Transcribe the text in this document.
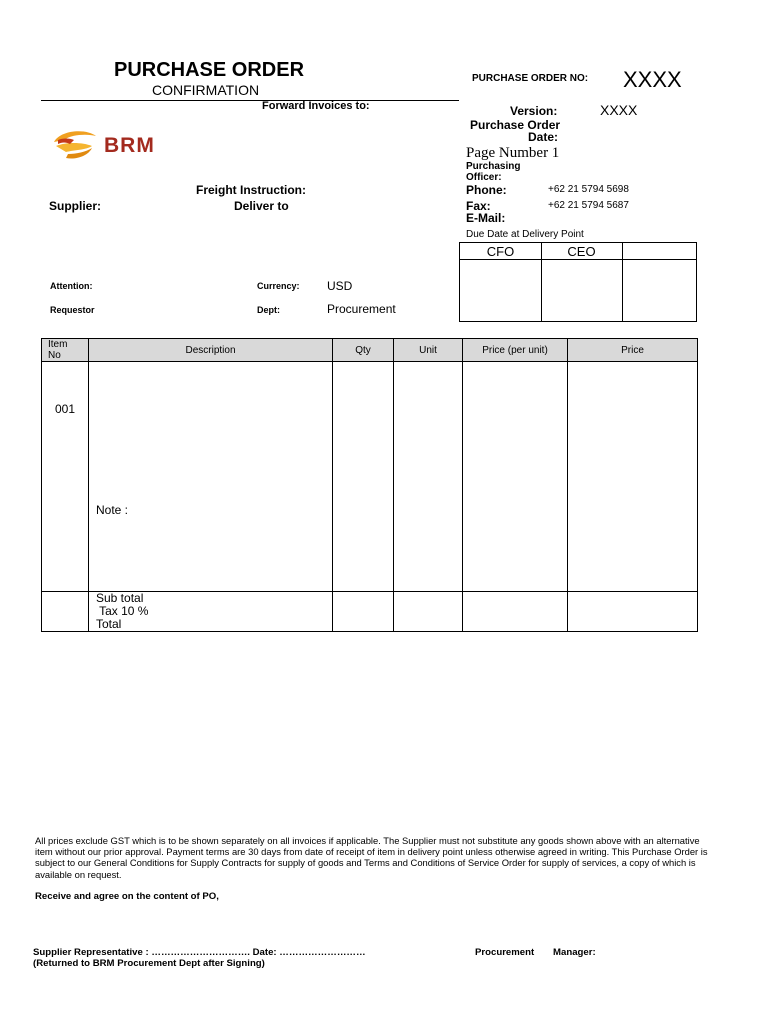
PURCHASE ORDER
CONFIRMATION
Forward Invoices to:
PURCHASE ORDER NO: XXXX
Version:	XXXX
Purchase Order
Date:
Page Number 1
Purchasing
Officer:
Phone:	+62 21 5794 5698
Fax:	+62 21 5794 5687
E-Mail:
Due Date at Delivery Point
BRM
Freight Instruction:
Supplier:	Deliver to
Attention:	Currency: USD
Requestor	Dept:	Procurement
CFO	CEO
Item
No	Description	Qty	Unit	Price (per unit)	Price

001	Note :				

	Sub total
Tax 10 %
Total				

All prices exclude GST which is to be shown separately on all invoices if applicable. The Supplier must not substitute any goods shown above with an alternative item without our prior approval. Payment terms are 30 days from date of receipt of item in delivery point unless otherwise agreed in writing. This Purchase Order is subject to our General Conditions for Supply Contracts for supply of goods and Terms and Conditions of Service Order for supply of services, a copy of which is available on request.
Receive and agree on the content of PO,
Supplier Representative : …………………………. Date: ………………………
(Returned to BRM Procurement Dept after Signing)
Procurement Manager:
